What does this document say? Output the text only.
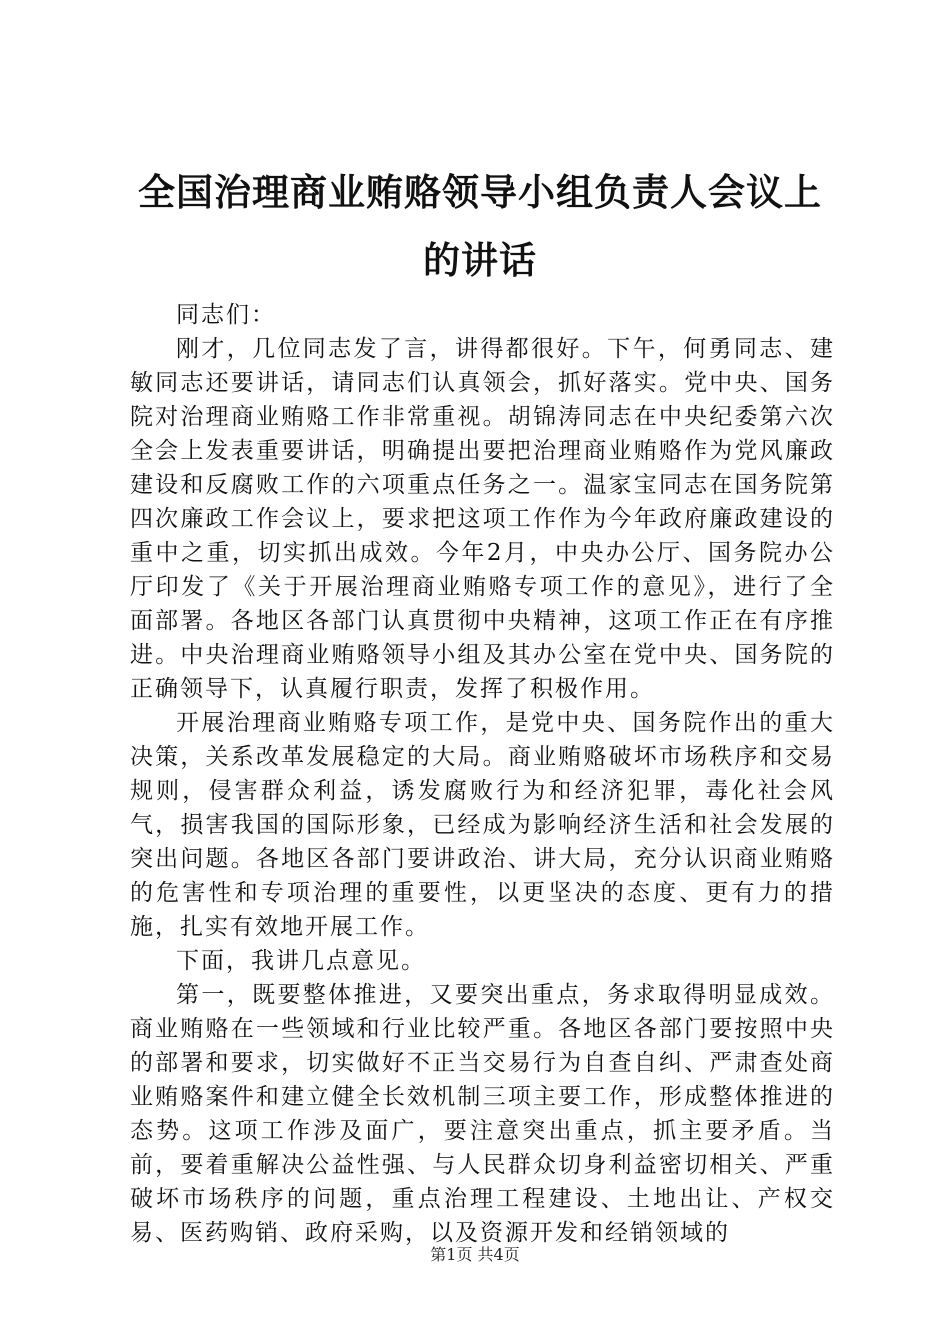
全国治理商业贿赂领导小组负责人会议上的讲话

同志们：

刚才，几位同志发了言，讲得都很好。下午，何勇同志、建敏同志还要讲话，请同志们认真领会，抓好落实。党中央、国务院对治理商业贿赂工作非常重视。胡锦涛同志在中央纪委第六次全会上发表重要讲话，明确提出要把治理商业贿赂作为党风廉政建设和反腐败工作的六项重点任务之一。温家宝同志在国务院第四次廉政工作会议上，要求把这项工作作为今年政府廉政建设的重中之重，切实抓出成效。今年2月，中央办公厅、国务院办公厅印发了《关于开展治理商业贿赂专项工作的意见》，进行了全面部署。各地区各部门认真贯彻中央精神，这项工作正在有序推进。中央治理商业贿赂领导小组及其办公室在党中央、国务院的正确领导下，认真履行职责，发挥了积极作用。

开展治理商业贿赂专项工作，是党中央、国务院作出的重大决策，关系改革发展稳定的大局。商业贿赂破坏市场秩序和交易规则，侵害群众利益，诱发腐败行为和经济犯罪，毒化社会风气，损害我国的国际形象，已经成为影响经济生活和社会发展的突出问题。各地区各部门要讲政治、讲大局，充分认识商业贿赂的危害性和专项治理的重要性，以更坚决的态度、更有力的措施，扎实有效地开展工作。

下面，我讲几点意见。

第一，既要整体推进，又要突出重点，务求取得明显成效。商业贿赂在一些领域和行业比较严重。各地区各部门要按照中央的部署和要求，切实做好不正当交易行为自查自纠、严肃查处商业贿赂案件和建立健全长效机制三项主要工作，形成整体推进的态势。这项工作涉及面广，要注意突出重点，抓主要矛盾。当前，要着重解决公益性强、与人民群众切身利益密切相关、严重破坏市场秩序的问题，重点治理工程建设、土地出让、产权交易、医药购销、政府采购，以及资源开发和经销领域的

第1页 共4页
